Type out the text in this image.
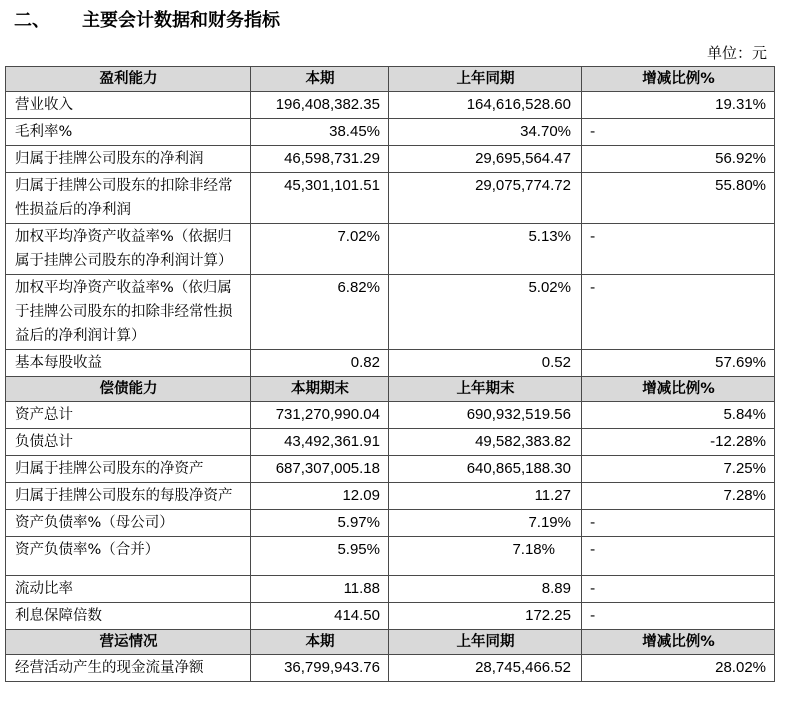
二、 主要会计数据和财务指标
单位：元
盈利能力	本期	上年同期	增减比例%
营业收入	196,408,382.35	164,616,528.60	19.31%
毛利率%	38.45%	34.70%	-
归属于挂牌公司股东的净利润	46,598,731.29	29,695,564.47	56.92%
归属于挂牌公司股东的扣除非经常性损益后的净利润	45,301,101.51	29,075,774.72	55.80%
加权平均净资产收益率%（依据归属于挂牌公司股东的净利润计算）	7.02%	5.13%	-
加权平均净资产收益率%（依归属于挂牌公司股东的扣除非经常性损益后的净利润计算）	6.82%	5.02%	-
基本每股收益	0.82	0.52	57.69%
偿债能力	本期期末	上年期末	增减比例%
资产总计	731,270,990.04	690,932,519.56	5.84%
负债总计	43,492,361.91	49,582,383.82	-12.28%
归属于挂牌公司股东的净资产	687,307,005.18	640,865,188.30	7.25%
归属于挂牌公司股东的每股净资产	12.09	11.27	7.28%
资产负债率%（母公司）	5.97%	7.19%	-
资产负债率%（合并）	5.95%	7.18%	-
流动比率	11.88	8.89	-
利息保障倍数	414.50	172.25	-
营运情况	本期	上年同期	增减比例%
经营活动产生的现金流量净额	36,799,943.76	28,745,466.52	28.02%
